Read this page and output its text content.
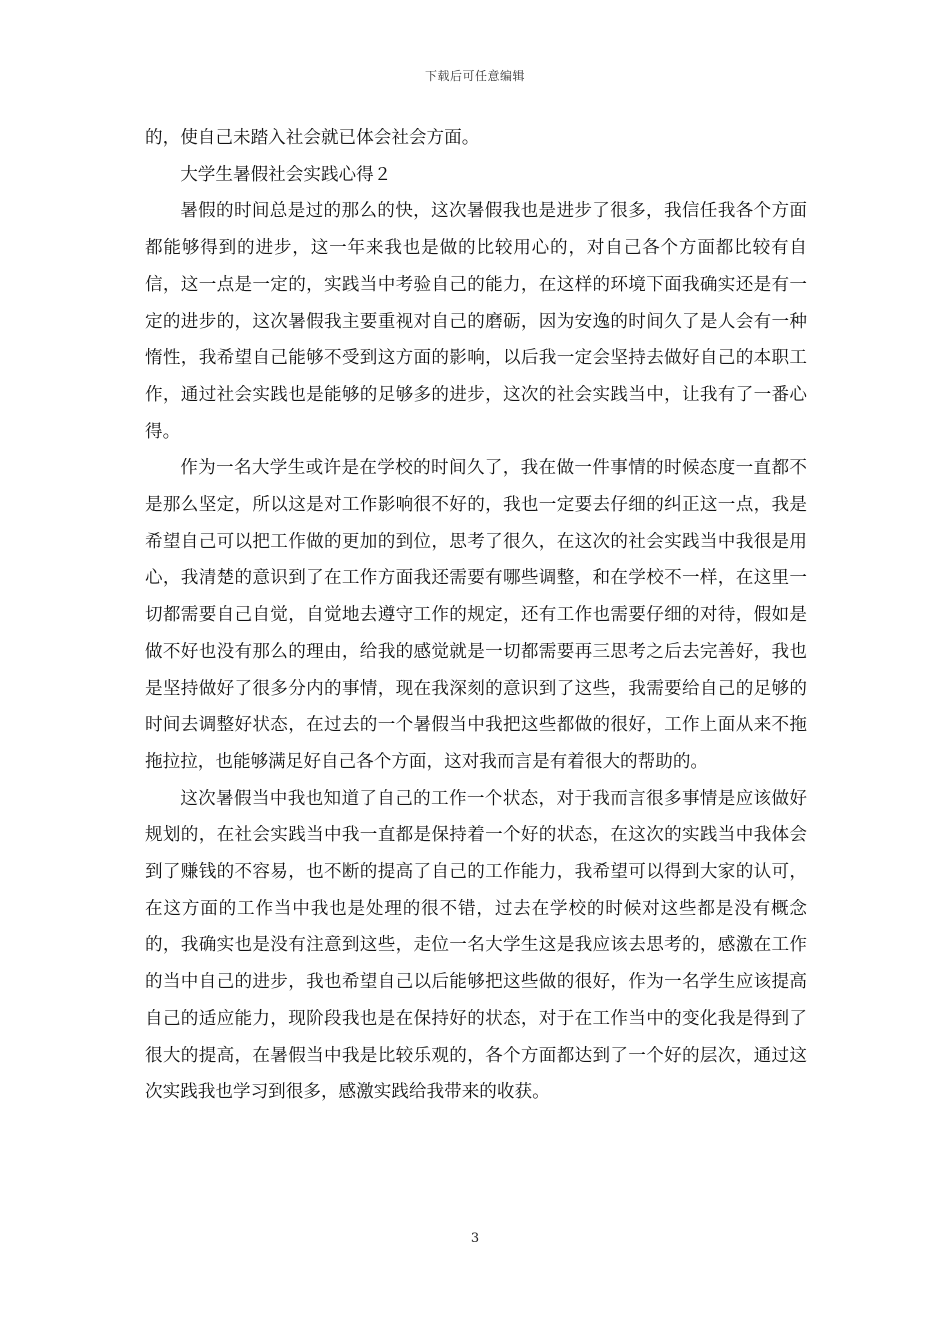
下载后可任意编辑

的，使自己未踏入社会就已体会社会方面。

大学生暑假社会实践心得２

暑假的时间总是过的那么的快，这次暑假我也是进步了很多，我信任我各个方面都能够得到的进步，这一年来我也是做的比较用心的，对自己各个方面都比较有自信，这一点是一定的，实践当中考验自己的能力，在这样的环境下面我确实还是有一定的进步的，这次暑假我主要重视对自己的磨砺，因为安逸的时间久了是人会有一种惰性，我希望自己能够不受到这方面的影响，以后我一定会坚持去做好自己的本职工作，通过社会实践也是能够的足够多的进步，这次的社会实践当中，让我有了一番心得。

作为一名大学生或许是在学校的时间久了，我在做一件事情的时候态度一直都不是那么坚定，所以这是对工作影响很不好的，我也一定要去仔细的纠正这一点，我是希望自己可以把工作做的更加的到位，思考了很久，在这次的社会实践当中我很是用心，我清楚的意识到了在工作方面我还需要有哪些调整，和在学校不一样，在这里一切都需要自己自觉，自觉地去遵守工作的规定，还有工作也需要仔细的对待，假如是做不好也没有那么的理由，给我的感觉就是一切都需要再三思考之后去完善好，我也是坚持做好了很多分内的事情，现在我深刻的意识到了这些，我需要给自己的足够的时间去调整好状态，在过去的一个暑假当中我把这些都做的很好，工作上面从来不拖拖拉拉，也能够满足好自己各个方面，这对我而言是有着很大的帮助的。

这次暑假当中我也知道了自己的工作一个状态，对于我而言很多事情是应该做好规划的，在社会实践当中我一直都是保持着一个好的状态，在这次的实践当中我体会到了赚钱的不容易，也不断的提高了自己的工作能力，我希望可以得到大家的认可，在这方面的工作当中我也是处理的很不错，过去在学校的时候对这些都是没有概念的，我确实也是没有注意到这些，走位一名大学生这是我应该去思考的，感激在工作的当中自己的进步，我也希望自己以后能够把这些做的很好，作为一名学生应该提高自己的适应能力，现阶段我也是在保持好的状态，对于在工作当中的变化我是得到了很大的提高，在暑假当中我是比较乐观的，各个方面都达到了一个好的层次，通过这次实践我也学习到很多，感激实践给我带来的收获。

3
